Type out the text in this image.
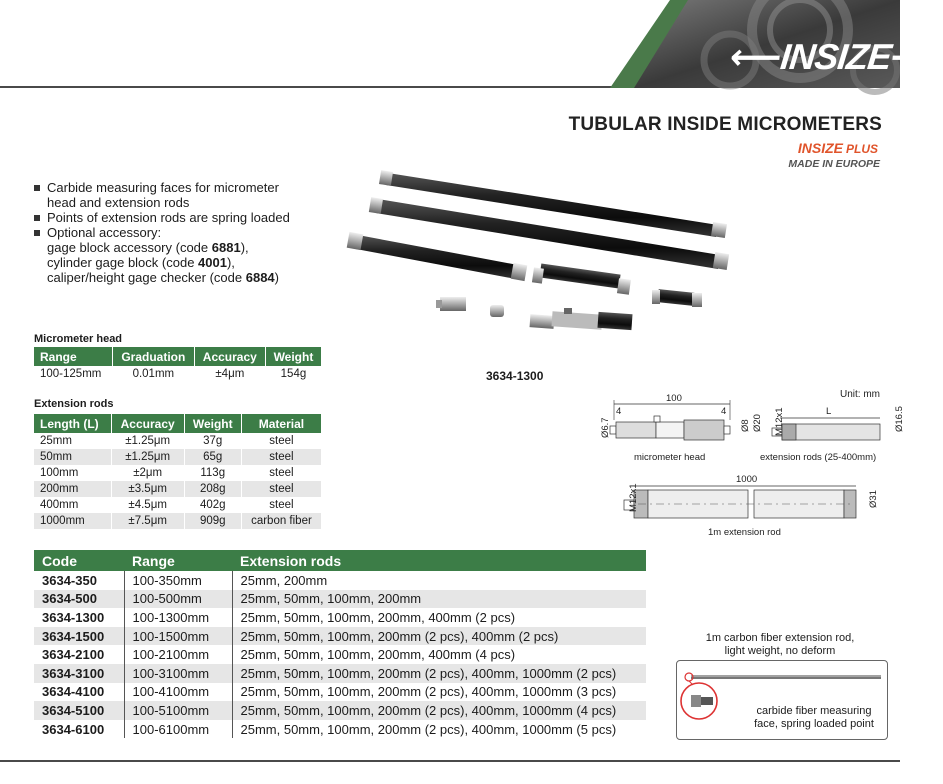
⟵INSIZE⟶
TUBULAR INSIDE MICROMETERS
INSIZE PLUS
MADE IN EUROPE
Carbide measuring faces for micrometer
head and extension rods
Points of extension rods are spring loaded
Optional accessory:
gage block accessory (code 6881),
cylinder gage block (code 4001),
caliper/height gage checker (code 6884)
3634-1300
Micrometer head
Range	Graduation	Accuracy	Weight
100-125mm	0.01mm	±4μm	154g
Extension rods
Length (L)	Accuracy	Weight	Material
25mm	±1.25μm	37g	steel
50mm	±1.25μm	65g	steel
100mm	±2μm	113g	steel
200mm	±3.5μm	208g	steel
400mm	±4.5μm	402g	steel
1000mm	±7.5μm	909g	carbon fiber
Unit: mm
100
4	4
Ø6.7	Ø8 Ø20
micrometer head
L
M12x1	Ø16.5
extension rods (25-400mm)
1000
M12x1	Ø31
1m extension rod
Code	Range	Extension rods
3634-350	100-350mm	25mm, 200mm
3634-500	100-500mm	25mm, 50mm, 100mm, 200mm
3634-1300	100-1300mm	25mm, 50mm, 100mm, 200mm, 400mm (2 pcs)
3634-1500	100-1500mm	25mm, 50mm, 100mm, 200mm (2 pcs), 400mm (2 pcs)
3634-2100	100-2100mm	25mm, 50mm, 100mm, 200mm, 400mm (4 pcs)
3634-3100	100-3100mm	25mm, 50mm, 100mm, 200mm (2 pcs), 400mm, 1000mm (2 pcs)
3634-4100	100-4100mm	25mm, 50mm, 100mm, 200mm (2 pcs), 400mm, 1000mm (3 pcs)
3634-5100	100-5100mm	25mm, 50mm, 100mm, 200mm (2 pcs), 400mm, 1000mm (4 pcs)
3634-6100	100-6100mm	25mm, 50mm, 100mm, 200mm (2 pcs), 400mm, 1000mm (5 pcs)
1m carbon fiber extension rod,
light weight, no deform
carbide fiber measuring
face, spring loaded point
